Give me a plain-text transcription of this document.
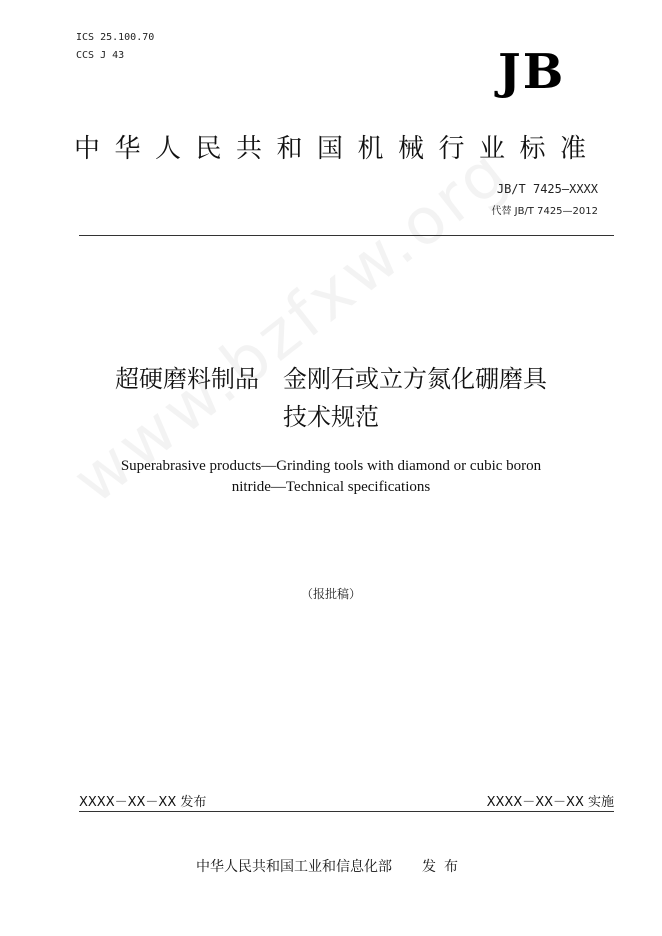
ICS 25.100.70
CCS J 43	JB
中华人民共和国机械行业标准
JB/T 7425—XXXX
代替 JB/T 7425—2012
超硬磨料制品　金刚石或立方氮化硼磨具
技术规范
Superabrasive products—Grinding tools with diamond or cubic boron
nitride—Technical specifications
（报批稿）
XXXX－XX－XX 发布	XXXX－XX－XX 实施
中华人民共和国工业和信息化部 发布
